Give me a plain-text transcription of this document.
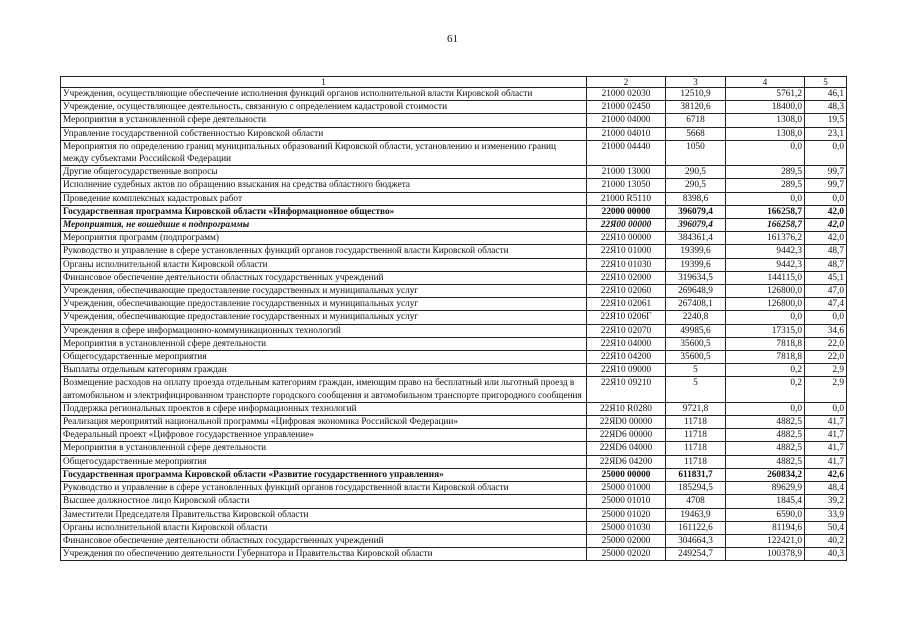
61
1	2	3	4	5
Учреждения, осуществляющие обеспечение исполнения функций органов исполнительной власти Кировской области	21000 02030	12510,9	5761,2	46,1
Учреждение, осуществляющее деятельность, связанную с определением кадастровой стоимости	21000 02450	38120,6	18400,0	48,3
Мероприятия в установленной сфере деятельности	21000 04000	6718	1308,0	19,5
Управление государственной собственностью Кировской области	21000 04010	5668	1308,0	23,1
Мероприятия по определению границ муниципальных образований Кировской области, установлению и изменению границ между субъектами Российской Федерации	21000 04440	1050	0,0	0,0
Другие общегосударственные вопросы	21000 13000	290,5	289,5	99,7
Исполнение судебных актов по обращению взыскания на средства областного бюджета	21000 13050	290,5	289,5	99,7
Проведение комплексных кадастровых работ	21000 R5110	8398,6	0,0	0,0
Государственная программа Кировской области «Информационное общество»	22000 00000	396079,4	166258,7	42,0
Мероприятия, не вошедшие в подпрограммы	22Я00 00000	396079,4	166258,7	42,0
Мероприятия программ (подпрограмм)	22Я10 00000	384361,4	161376,2	42,0
Руководство и управление в сфере установленных функций органов государственной власти Кировской области	22Я10 01000	19399,6	9442,3	48,7
Органы исполнительной власти Кировской области	22Я10 01030	19399,6	9442,3	48,7
Финансовое обеспечение деятельности областных государственных учреждений	22Я10 02000	319634,5	144115,0	45,1
Учреждения, обеспечивающие предоставление государственных и муниципальных услуг	22Я10 02060	269648,9	126800,0	47,0
Учреждения, обеспечивающие предоставление государственных и муниципальных услуг	22Я10 02061	267408,1	126800,0	47,4
Учреждения, обеспечивающие предоставление государственных и муниципальных услуг	22Я10 0206Г	2240,8	0,0	0,0
Учреждения в сфере информационно-коммуникационных технологий	22Я10 02070	49985,6	17315,0	34,6
Мероприятия в установленной сфере деятельности	22Я10 04000	35600,5	7818,8	22,0
Общегосударственные мероприятия	22Я10 04200	35600,5	7818,8	22,0
Выплаты отдельным категориям граждан	22Я10 09000	5	0,2	2,9
Возмещение расходов на оплату проезда отдельным категориям граждан, имеющим право на бесплатный или льготный проезд в автомобильном и электрифицированном транспорте городского сообщения и автомобильном транспорте пригородного сообщения	22Я10 09210	5	0,2	2,9
Поддержка региональных проектов в сфере информационных технологий	22Я10 R0280	9721,8	0,0	0,0
Реализация мероприятий национальной программы «Цифровая экономика Российской Федерации»	22ЯD0 00000	11718	4882,5	41,7
Федеральный проект «Цифровое государственное управление»	22ЯD6 00000	11718	4882,5	41,7
Мероприятия в установленной сфере деятельности	22ЯD6 04000	11718	4882,5	41,7
Общегосударственные мероприятия	22ЯD6 04200	11718	4882,5	41,7
Государственная программа Кировской области «Развитие государственного управления»	25000 00000	611831,7	260834,2	42,6
Руководство и управление в сфере установленных функций органов государственной власти Кировской области	25000 01000	185294,5	89629,9	48,4
Высшее должностное лицо Кировской области	25000 01010	4708	1845,4	39,2
Заместители Председателя Правительства Кировской области	25000 01020	19463,9	6590,0	33,9
Органы исполнительной власти Кировской области	25000 01030	161122,6	81194,6	50,4
Финансовое обеспечение деятельности областных государственных учреждений	25000 02000	304664,3	122421,0	40,2
Учреждения по обеспечению деятельности Губернатора и Правительства Кировской области	25000 02020	249254,7	100378,9	40,3
